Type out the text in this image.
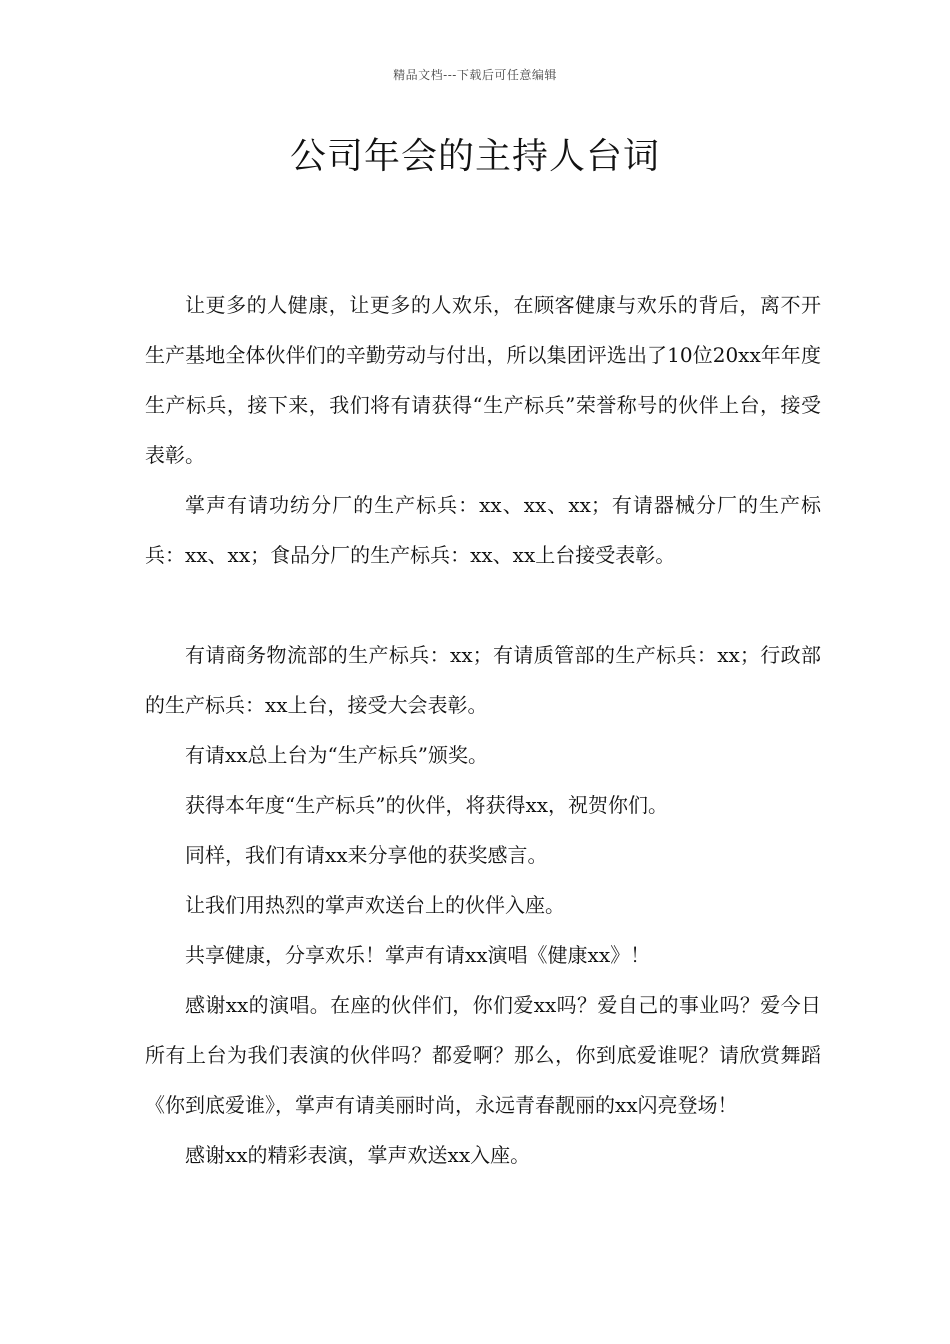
精品文档---下载后可任意编辑
公司年会的主持人台词

让更多的人健康，让更多的人欢乐，在顾客健康与欢乐的背后，离不开生产基地全体伙伴们的辛勤劳动与付出，所以集团评选出了10位20xx年年度生产标兵，接下来，我们将有请获得“生产标兵”荣誉称号的伙伴上台，接受表彰。

掌声有请功纺分厂的生产标兵：xx、xx、xx；有请器械分厂的生产标兵：xx、xx；食品分厂的生产标兵：xx、xx上台接受表彰。

有请商务物流部的生产标兵：xx；有请质管部的生产标兵：xx；行政部的生产标兵：xx上台，接受大会表彰。

有请xx总上台为“生产标兵”颁奖。

获得本年度“生产标兵”的伙伴，将获得xx，祝贺你们。

同样，我们有请xx来分享他的获奖感言。

让我们用热烈的掌声欢送台上的伙伴入座。

共享健康，分享欢乐！掌声有请xx演唱《健康xx》！

感谢xx的演唱。在座的伙伴们，你们爱xx吗？爱自己的事业吗？爱今日所有上台为我们表演的伙伴吗？都爱啊？那么，你到底爱谁呢？请欣赏舞蹈《你到底爱谁》，掌声有请美丽时尚，永远青春靓丽的xx闪亮登场！

感谢xx的精彩表演，掌声欢送xx入座。
